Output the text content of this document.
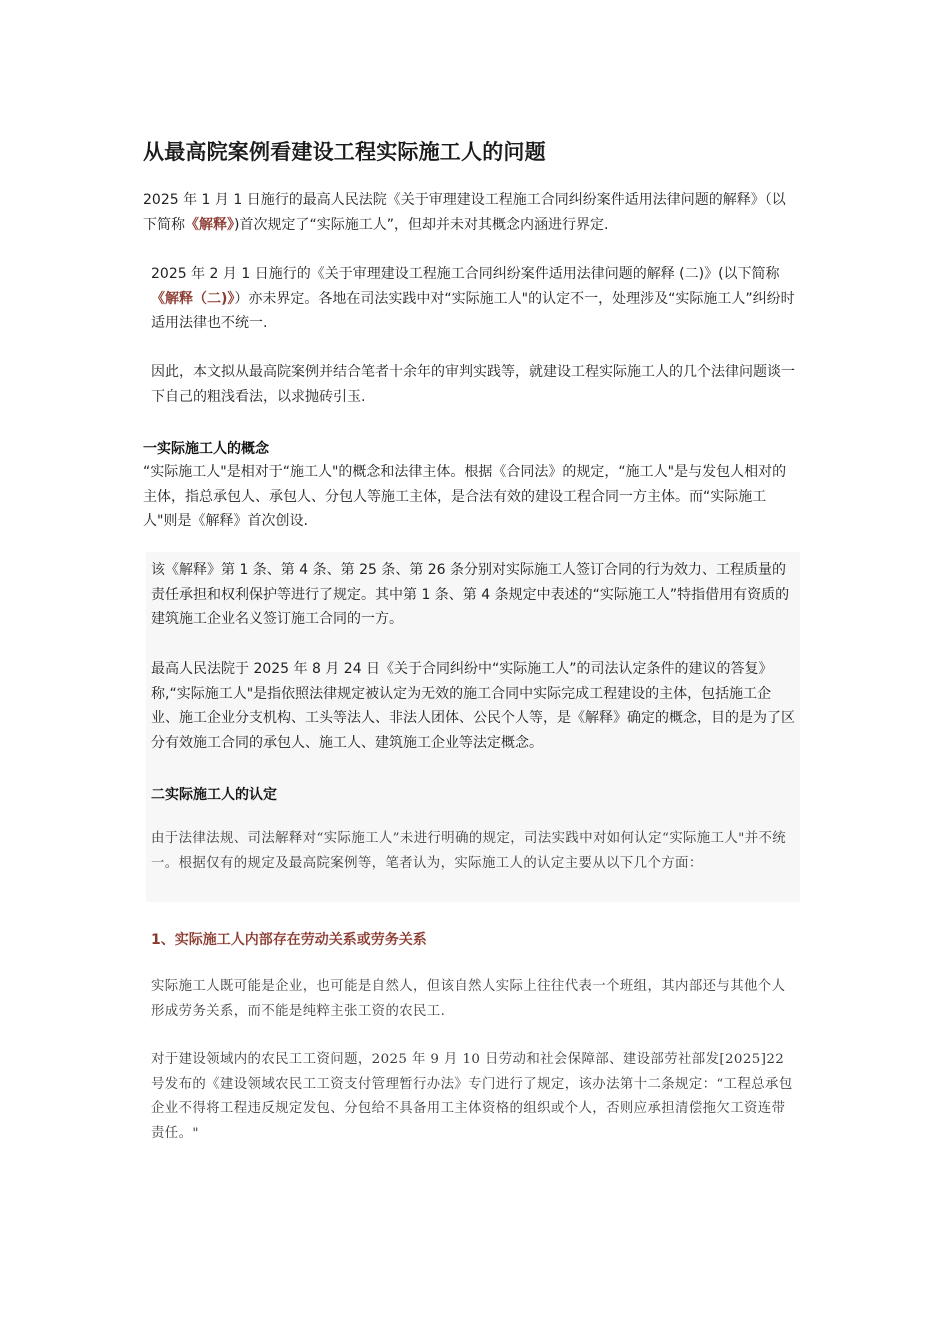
从最高院案例看建设工程实际施工人的问题

2025 年 1 月 1 日施行的最高人民法院《关于审理建设工程施工合同纠纷案件适用法律问题的解释》（以下简称《解释》)首次规定了“实际施工人”，但却并未对其概念内涵进行界定.

2025 年 2 月 1 日施行的《关于审理建设工程施工合同纠纷案件适用法律问题的解释 (二)》(以下简称《解释（二)》）亦未界定。各地在司法实践中对“实际施工人"的认定不一，处理涉及“实际施工人”纠纷时适用法律也不统一.

因此，本文拟从最高院案例并结合笔者十余年的审判实践等，就建设工程实际施工人的几个法律问题谈一下自己的粗浅看法，以求抛砖引玉.

一实际施工人的概念

“实际施工人"是相对于“施工人"的概念和法律主体。根据《合同法》的规定，“施工人"是与发包人相对的主体，指总承包人、承包人、分包人等施工主体，是合法有效的建设工程合同一方主体。而“实际施工人"则是《解释》首次创设.

该《解释》第 1 条、第 4 条、第 25 条、第 26 条分别对实际施工人签订合同的行为效力、工程质量的责任承担和权利保护等进行了规定。其中第 1 条、第 4 条规定中表述的“实际施工人”特指借用有资质的建筑施工企业名义签订施工合同的一方。

最高人民法院于 2025 年 8 月 24 日《关于合同纠纷中“实际施工人”的司法认定条件的建议的答复》称,“实际施工人"是指依照法律规定被认定为无效的施工合同中实际完成工程建设的主体，包括施工企业、施工企业分支机构、工头等法人、非法人团体、公民个人等，是《解释》确定的概念，目的是为了区分有效施工合同的承包人、施工人、建筑施工企业等法定概念。

二实际施工人的认定

由于法律法规、司法解释对“实际施工人”未进行明确的规定，司法实践中对如何认定“实际施工人"并不统一。根据仅有的规定及最高院案例等，笔者认为，实际施工人的认定主要从以下几个方面：

1、实际施工人内部存在劳动关系或劳务关系

实际施工人既可能是企业，也可能是自然人，但该自然人实际上往往代表一个班组，其内部还与其他个人形成劳务关系，而不能是纯粹主张工资的农民工.

对于建设领域内的农民工工资问题，2025 年 9 月 10 日劳动和社会保障部、建设部劳社部发[2025]22 号发布的《建设领域农民工工资支付管理暂行办法》专门进行了规定，该办法第十二条规定：“工程总承包企业不得将工程违反规定发包、分包给不具备用工主体资格的组织或个人，否则应承担清偿拖欠工资连带责任。"
